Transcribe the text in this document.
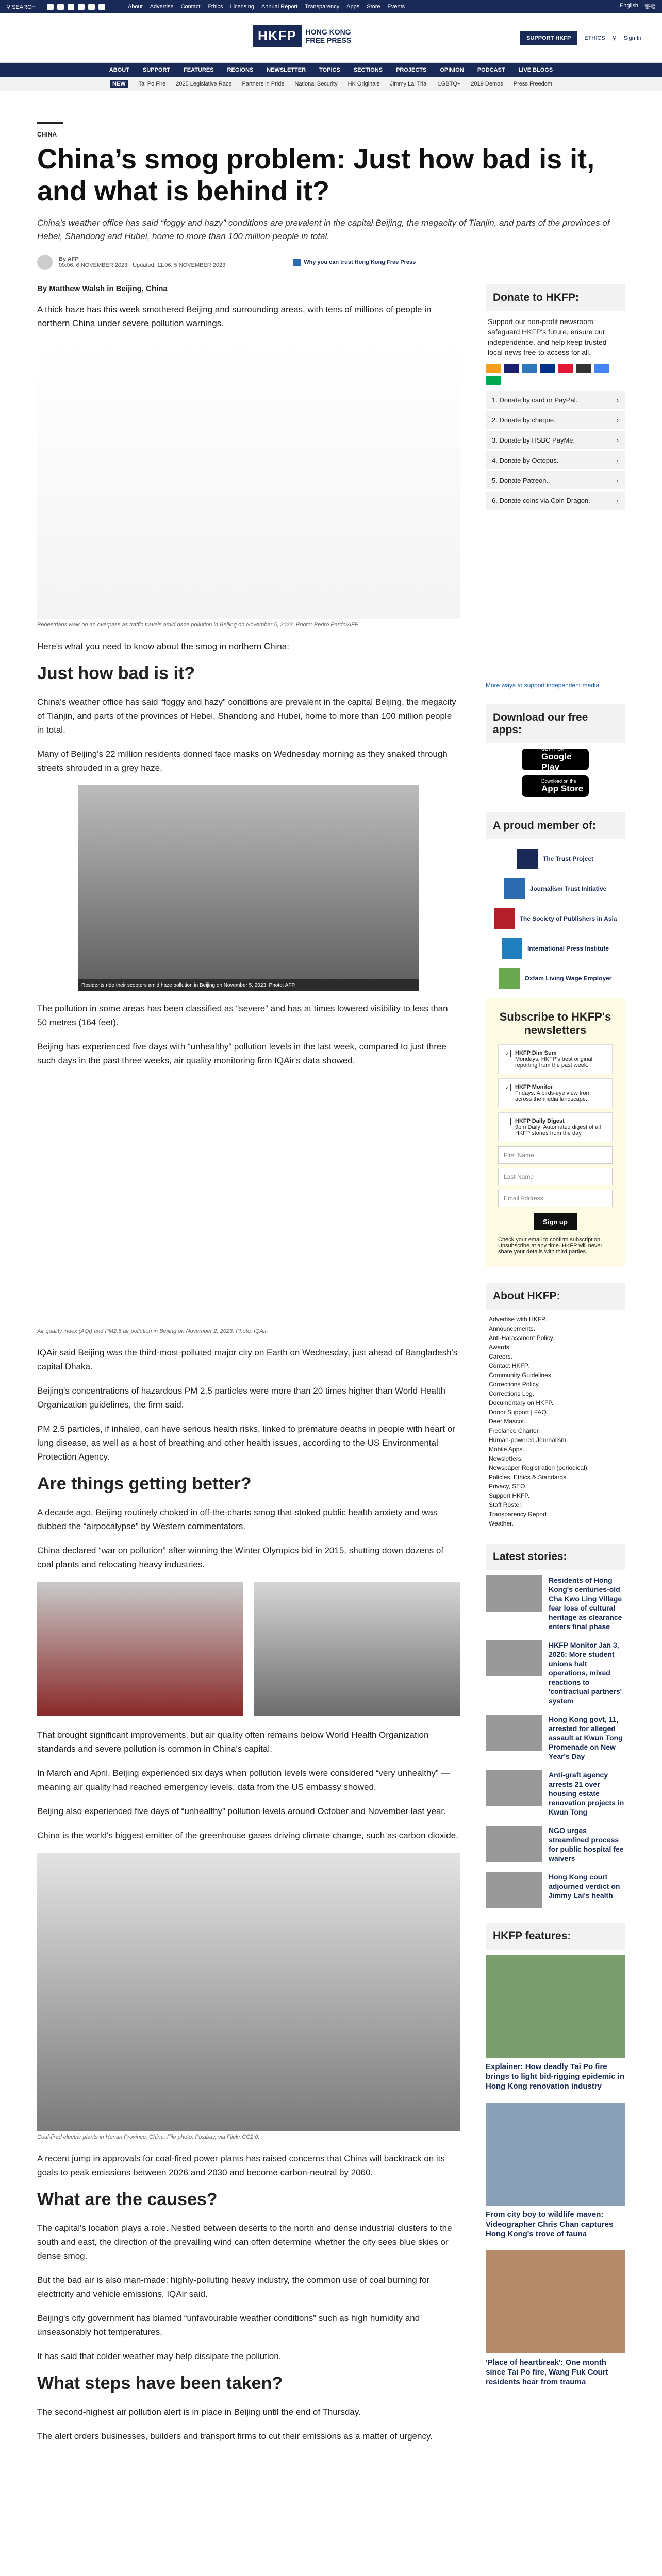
⚲ SEARCH	About Advertise Contact Ethics Licensing Annual Report Transparency Apps Store Events	English 繁體
HKFP	HONG KONG
FREE PRESS	SUPPORT HKFP	ETHICS ⚲ Sign In
ABOUT SUPPORT FEATURES REGIONS NEWSLETTER TOPICS SECTIONS PROJECTS OPINION PODCAST LIVE BLOGS
NEW	Tai Po Fire 2025 Legislative Race Partners in Pride National Security HK Originals Jimmy Lai Trial LGBTQ+ 2019 Demos Press Freedom
CHINA
China’s smog problem: Just how bad is it, and what is behind it?
China's weather office has said “foggy and hazy” conditions are prevalent in the capital Beijing, the megacity of Tianjin, and parts of the provinces of Hebei, Shandong and Hubei, home to more than 100 million people in total.
By AFP
09:06, 6 NOVEMBER 2023 · Updated: 11:06, 5 NOVEMBER 2023	Why you can trust Hong Kong Free Press
By Matthew Walsh in Beijing, China

A thick haze has this week smothered Beijing and surrounding areas, with tens of millions of people in northern China under severe pollution warnings.

Pedestrians walk on an overpass as traffic travels amid haze pollution in Beijing on November 5, 2023. Photo: Pedro Pardo/AFP.

Here's what you need to know about the smog in northern China:

Just how bad is it?

China's weather office has said “foggy and hazy” conditions are prevalent in the capital Beijing, the megacity of Tianjin, and parts of the provinces of Hebei, Shandong and Hubei, home to more than 100 million people in total.

Many of Beijing's 22 million residents donned face masks on Wednesday morning as they snaked through streets shrouded in a grey haze.

Residents ride their scooters amid haze pollution in Beijing on November 5, 2023. Photo: AFP.

The pollution in some areas has been classified as “severe” and has at times lowered visibility to less than 50 metres (164 feet).

Beijing has experienced five days with “unhealthy” pollution levels in the last week, compared to just three such days in the past three weeks, air quality monitoring firm IQAir's data showed.

Air quality index (AQI) and PM2.5 air pollution in Beijing on November 2, 2023. Photo: IQAir.

IQAir said Beijing was the third-most-polluted major city on Earth on Wednesday, just ahead of Bangladesh's capital Dhaka.

Beijing's concentrations of hazardous PM 2.5 particles were more than 20 times higher than World Health Organization guidelines, the firm said.

PM 2.5 particles, if inhaled, can have serious health risks, linked to premature deaths in people with heart or lung disease, as well as a host of breathing and other health issues, according to the US Environmental Protection Agency.

Are things getting better?

A decade ago, Beijing routinely choked in off-the-charts smog that stoked public health anxiety and was dubbed the “airpocalypse” by Western commentators.

China declared “war on pollution” after winning the Winter Olympics bid in 2015, shutting down dozens of coal plants and relocating heavy industries.

That brought significant improvements, but air quality often remains below World Health Organization standards and severe pollution is common in China's capital.

In March and April, Beijing experienced six days when pollution levels were considered “very unhealthy” — meaning air quality had reached emergency levels, data from the US embassy showed.

Beijing also experienced five days of “unhealthy” pollution levels around October and November last year.

China is the world's biggest emitter of the greenhouse gases driving climate change, such as carbon dioxide.

Coal-fired electric plants in Henan Province, China. File photo: Pixabay, via Flickr CC2.0.

A recent jump in approvals for coal-fired power plants has raised concerns that China will backtrack on its goals to peak emissions between 2026 and 2030 and become carbon-neutral by 2060.

What are the causes?

The capital's location plays a role. Nestled between deserts to the north and dense industrial clusters to the south and east, the direction of the prevailing wind can often determine whether the city sees blue skies or dense smog.

But the bad air is also man-made: highly-polluting heavy industry, the common use of coal burning for electricity and vehicle emissions, IQAir said.

Beijing's city government has blamed “unfavourable weather conditions” such as high humidity and unseasonably hot temperatures.

It has said that colder weather may help dissipate the pollution.

What steps have been taken?

The second-highest air pollution alert is in place in Beijing until the end of Thursday.

The alert orders businesses, builders and transport firms to cut their emissions as a matter of urgency.

Donate to HKFP:
Support our non-profit newsroom: safeguard HKFP's future, ensure our independence, and help keep trusted local news free-to-access for all.
1. Donate by card or PayPal.	›
2. Donate by cheque.	›
3. Donate by HSBC PayMe.	›
4. Donate by Octopus.	›
5. Donate Patreon.	›
6. Donate coins via Coin Dragon.	›
More ways to support independent media.
Download our free apps:
GET IT ON
Google Play
Download on the
App Store
A proud member of:
The Trust Project
Journalism Trust Initiative
The Society of Publishers in Asia
International Press Institute
Oxfam Living Wage Employer
Subscribe to HKFP's newsletters
✓ HKFP Dim Sum
Mondays: HKFP's best original reporting from the past week.
✓ HKFP Monitor
Fridays: A birds-eye view from across the media landscape.
HKFP Daily Digest
9pm Daily: Automated digest of all HKFP stories from the day.
First Name
Last Name
Email Address
Sign up
Check your email to confirm subscription. Unsubscribe at any time. HKFP will never share your details with third parties.
About HKFP:
Advertise with HKFP.
Announcements.
Anti-Harassment Policy.
Awards.
Careers.
Contact HKFP.
Community Guidelines.
Corrections Policy.
Corrections Log.
Documentary on HKFP.
Donor Support | FAQ.
Deer Mascot.
Freelance Charter.
Human-powered Journalism.
Mobile Apps.
Newsletters.
Newspaper Registration (periodical).
Policies, Ethics & Standards.
Privacy, SEO.
Support HKFP.
Staff Roster.
Transparency Report.
Weather.
Latest stories:
Residents of Hong Kong's centuries-old Cha Kwo Ling Village fear loss of cultural heritage as clearance enters final phase
HKFP Monitor Jan 3, 2026: More student unions halt operations, mixed reactions to 'contractual partners' system
Hong Kong govt, 11, arrested for alleged assault at Kwun Tong Promenade on New Year's Day
Anti-graft agency arrests 21 over housing estate renovation projects in Kwun Tong
NGO urges streamlined process for public hospital fee waivers
Hong Kong court adjourned verdict on Jimmy Lai's health
HKFP features:
Explainer: How deadly Tai Po fire brings to light bid-rigging epidemic in Hong Kong renovation industry
From city boy to wildlife maven: Videographer Chris Chan captures Hong Kong's trove of fauna
'Place of heartbreak': One month since Tai Po fire, Wang Fuk Court residents hear from trauma
